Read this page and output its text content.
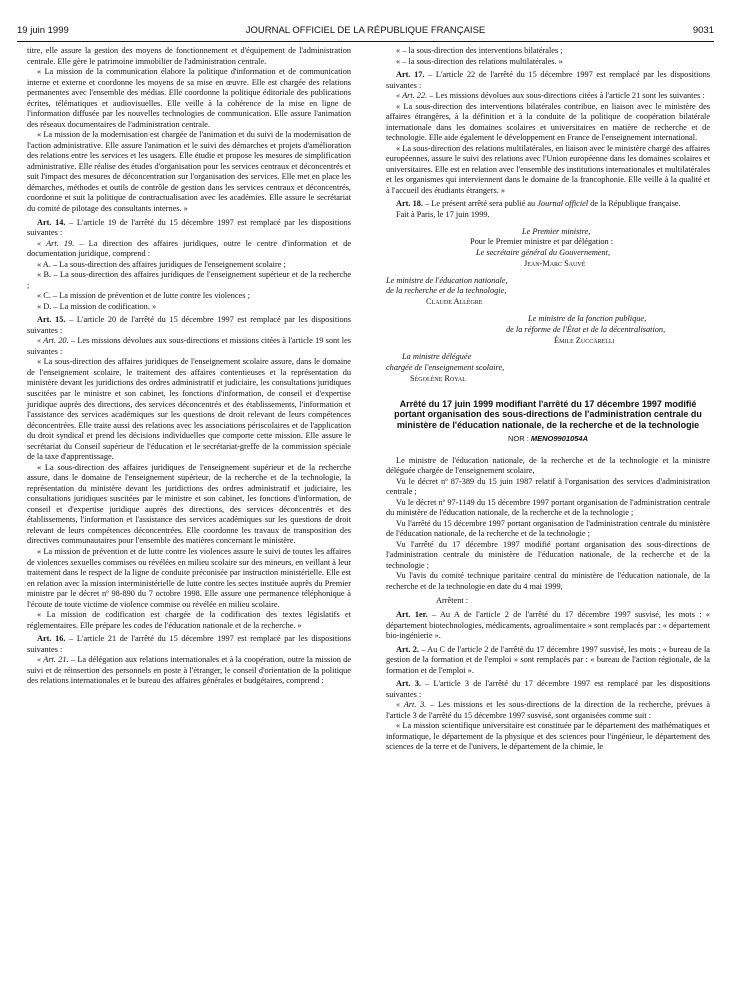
19 juin 1999	JOURNAL OFFICIEL DE LA RÉPUBLIQUE FRANÇAISE	9031

titre, elle assure la gestion des moyens de fonctionnement et d'équipement de l'administration centrale. Elle gère le patrimoine immobilier de l'administration centrale.

« La mission de la communication élabore la politique d'information et de communication interne et externe et coordonne les moyens de sa mise en œuvre. Elle est chargée des relations permanentes avec l'ensemble des médias. Elle coordonne la politique éditoriale des publications écrites, télématiques et audiovisuelles. Elle veille à la cohérence de la mise en ligne de l'information diffusée par les nouvelles technologies de communication. Elle assure l'animation des réseaux documentaires de l'administration centrale.

« La mission de la modernisation est chargée de l'animation et du suivi de la modernisation de l'action administrative. Elle assure l'animation et le suivi des démarches et projets d'amélioration des relations entre les services et les usagers. Elle étudie et propose les mesures de simplification administrative. Elle réalise des études d'organisation pour les services centraux et déconcentrés et suit l'impact des mesures de déconcentration sur l'organisation des services. Elle met en place les démarches, méthodes et outils de contrôle de gestion dans les services centraux et déconcentrés, coordonne et suit la politique de contractualisation avec les académies. Elle assure le secrétariat du comité de pilotage des consultants internes. »

Art. 14. – L'article 19 de l'arrêté du 15 décembre 1997 est remplacé par les dispositions suivantes :

« Art. 19. – La direction des affaires juridiques, outre le centre d'information et de documentation juridique, comprend :

« A. – La sous-direction des affaires juridiques de l'enseignement scolaire ;

« B. – La sous-direction des affaires juridiques de l'enseignement supérieur et de la recherche ;

« C. – La mission de prévention et de lutte contre les violences ;

« D. – La mission de codification. »

Art. 15. – L'article 20 de l'arrêté du 15 décembre 1997 est remplacé par les dispositions suivantes :

« Art. 20. – Les missions dévolues aux sous-directions et missions citées à l'article 19 sont les suivantes :

« La sous-direction des affaires juridiques de l'enseignement scolaire assure, dans le domaine de l'enseignement scolaire, le traitement des affaires contentieuses et la représentation du ministère devant les juridictions des ordres administratif et judiciaire, les consultations juridiques suscitées par le ministre et son cabinet, les fonctions d'information, de conseil et d'expertise juridique auprès des directions, des services déconcentrés et des établissements, l'information et l'assistance des services académiques sur les questions de droit relevant de leurs compétences déconcentrées. Elle traite aussi des relations avec les associations périscolaires et de l'application du droit syndical et prend les décisions individuelles que comporte cette mission. Elle assure le secrétariat du Conseil supérieur de l'éducation et le secrétariat-greffe de la commission spéciale de la taxe d'apprentissage.

« La sous-direction des affaires juridiques de l'enseignement supérieur et de la recherche assure, dans le domaine de l'enseignement supérieur, de la recherche et de la technologie, la représentation du ministère devant les juridictions des ordres administratif et judiciaire, les consultations juridiques suscitées par le ministre et son cabinet, les fonctions d'information, de conseil et d'expertise juridique auprès des directions, des services déconcentrés et des établissements, l'information et l'assistance des services académiques sur les questions de droit relevant de leurs compétences déconcentrées. Elle coordonne les travaux de transposition des directives communautaires pour l'ensemble des matières concernant le ministère.

« La mission de prévention et de lutte contre les violences assure le suivi de toutes les affaires de violences sexuelles commises ou révélées en milieu scolaire sur des mineurs, en veillant à leur traitement dans le respect de la ligne de conduite préconisée par instruction ministérielle. Elle est en relation avec la mission interministérielle de lutte contre les sectes instituée auprès du Premier ministre par le décret nº 98-890 du 7 octobre 1998. Elle assure une permanence téléphonique à l'écoute de toute victime de violence commise ou révélée en milieu scolaire.

« La mission de codification est chargée de la codification des textes législatifs et réglementaires. Elle prépare les codes de l'éducation nationale et de la recherche. »

Art. 16. – L'article 21 de l'arrêté du 15 décembre 1997 est remplacé par les dispositions suivantes :

« Art. 21. – La délégation aux relations internationales et à la coopération, outre la mission de suivi et de réinsertion des personnels en poste à l'étranger, le conseil d'orientation de la politique des relations internationales et le bureau des affaires générales et budgétaires, comprend :

« – la sous-direction des interventions bilatérales ;

« – la sous-direction des relations multilatérales. »

Art. 17. – L'article 22 de l'arrêté du 15 décembre 1997 est remplacé par les dispositions suivantes :

« Art. 22. – Les missions dévolues aux sous-directions citées à l'article 21 sont les suivantes :

« La sous-direction des interventions bilatérales contribue, en liaison avec le ministère des affaires étrangères, à la définition et à la conduite de la politique de coopération bilatérale internationale dans les domaines scolaires et universitaires en matière de recherche et de technologie. Elle aide également le développement en France de l'enseignement international.

« La sous-direction des relations multilatérales, en liaison avec le ministère chargé des affaires européennes, assure le suivi des relations avec l'Union européenne dans les domaines scolaires et universitaires. Elle est en relation avec l'ensemble des institutions internationales et multilatérales et les organismes qui interviennent dans le domaine de la francophonie. Elle veille à la qualité et à l'accueil des étudiants étrangers. »

Art. 18. – Le présent arrêté sera publié au Journal officiel de la République française.

Fait à Paris, le 17 juin 1999.

Le Premier ministre,

Pour le Premier ministre et par délégation :

Le secrétaire général du Gouvernement,

Jean-Marc Sauvé

Le ministre de l'éducation nationale,

de la recherche et de la technologie,

Claude Allègre

Le ministre de la fonction publique,

de la réforme de l'État et de la décentralisation,

Émile Zuccarelli

La ministre déléguée

chargée de l'enseignement scolaire,

Ségolène Royal

Arrêté du 17 juin 1999 modifiant l'arrêté du 17 décembre 1997 modifié portant organisation des sous-directions de l'administration centrale du ministère de l'éducation nationale, de la recherche et de la technologie
NOR : MENO9901054A

Le ministre de l'éducation nationale, de la recherche et de la technologie et la ministre déléguée chargée de l'enseignement scolaire,

Vu le décret nº 87-389 du 15 juin 1987 relatif à l'organisation des services d'administration centrale ;

Vu le décret nº 97-1149 du 15 décembre 1997 portant organisation de l'administration centrale du ministère de l'éducation nationale, de la recherche et de la technologie ;

Vu l'arrêté du 15 décembre 1997 portant organisation de l'administration centrale du ministère de l'éducation nationale, de la recherche et de la technologie ;

Vu l'arrêté du 17 décembre 1997 modifié portant organisation des sous-directions de l'administration centrale du ministère de l'éducation nationale, de la recherche et de la technologie ;

Vu l'avis du comité technique paritaire central du ministère de l'éducation nationale, de la recherche et de la technologie en date du 4 mai 1999,

Arrêtent :

Art. 1er. – Au A de l'article 2 de l'arrêté du 17 décembre 1997 susvisé, les mots : « département biotechnologies, médicaments, agroalimentaire » sont remplacés par : « département bio-ingénierie ».

Art. 2. – Au C de l'article 2 de l'arrêté du 17 décembre 1997 susvisé, les mots : « bureau de la gestion de la formation et de l'emploi » sont remplacés par : « bureau de l'action régionale, de la formation et de l'emploi ».

Art. 3. – L'article 3 de l'arrêté du 17 décembre 1997 est remplacé par les dispositions suivantes :

« Art. 3. – Les missions et les sous-directions de la direction de la recherche, prévues à l'article 3 de l'arrêté du 15 décembre 1997 susvisé, sont organisées comme suit :

« La mission scientifique universitaire est constituée par le département des mathématiques et informatique, le département de la physique et des sciences pour l'ingénieur, le département des sciences de la terre et de l'univers, le département de la chimie, le
